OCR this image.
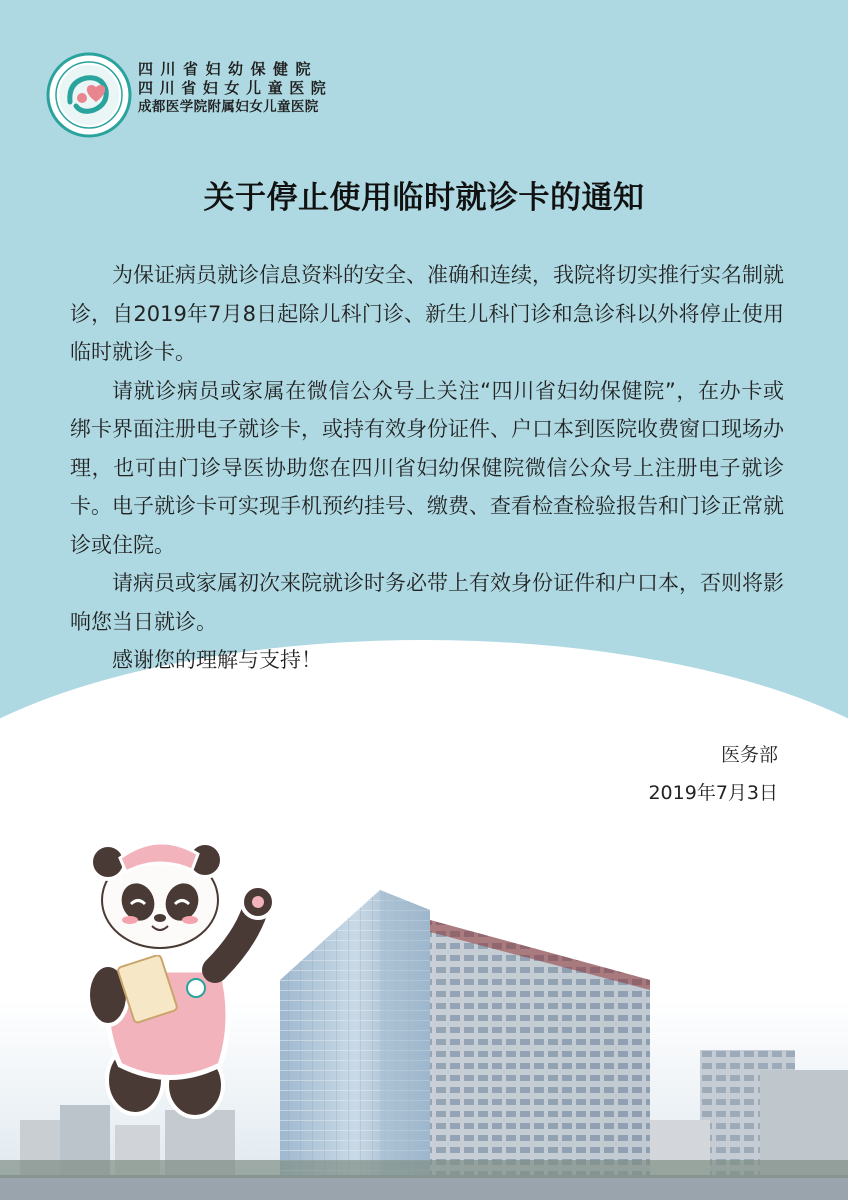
四川省妇幼保健院
四川省妇女儿童医院
成都医学院附属妇女儿童医院
关于停止使用临时就诊卡的通知

为保证病员就诊信息资料的安全、准确和连续，我院将切实推行实名制就诊，自2019年7月8日起除儿科门诊、新生儿科门诊和急诊科以外将停止使用临时就诊卡。

请就诊病员或家属在微信公众号上关注“四川省妇幼保健院”，在办卡或绑卡界面注册电子就诊卡，或持有效身份证件、户口本到医院收费窗口现场办理，也可由门诊导医协助您在四川省妇幼保健院微信公众号上注册电子就诊卡。电子就诊卡可实现手机预约挂号、缴费、查看检查检验报告和门诊正常就诊或住院。

请病员或家属初次来院就诊时务必带上有效身份证件和户口本，否则将影响您当日就诊。

感谢您的理解与支持！

医务部
2019年7月3日
